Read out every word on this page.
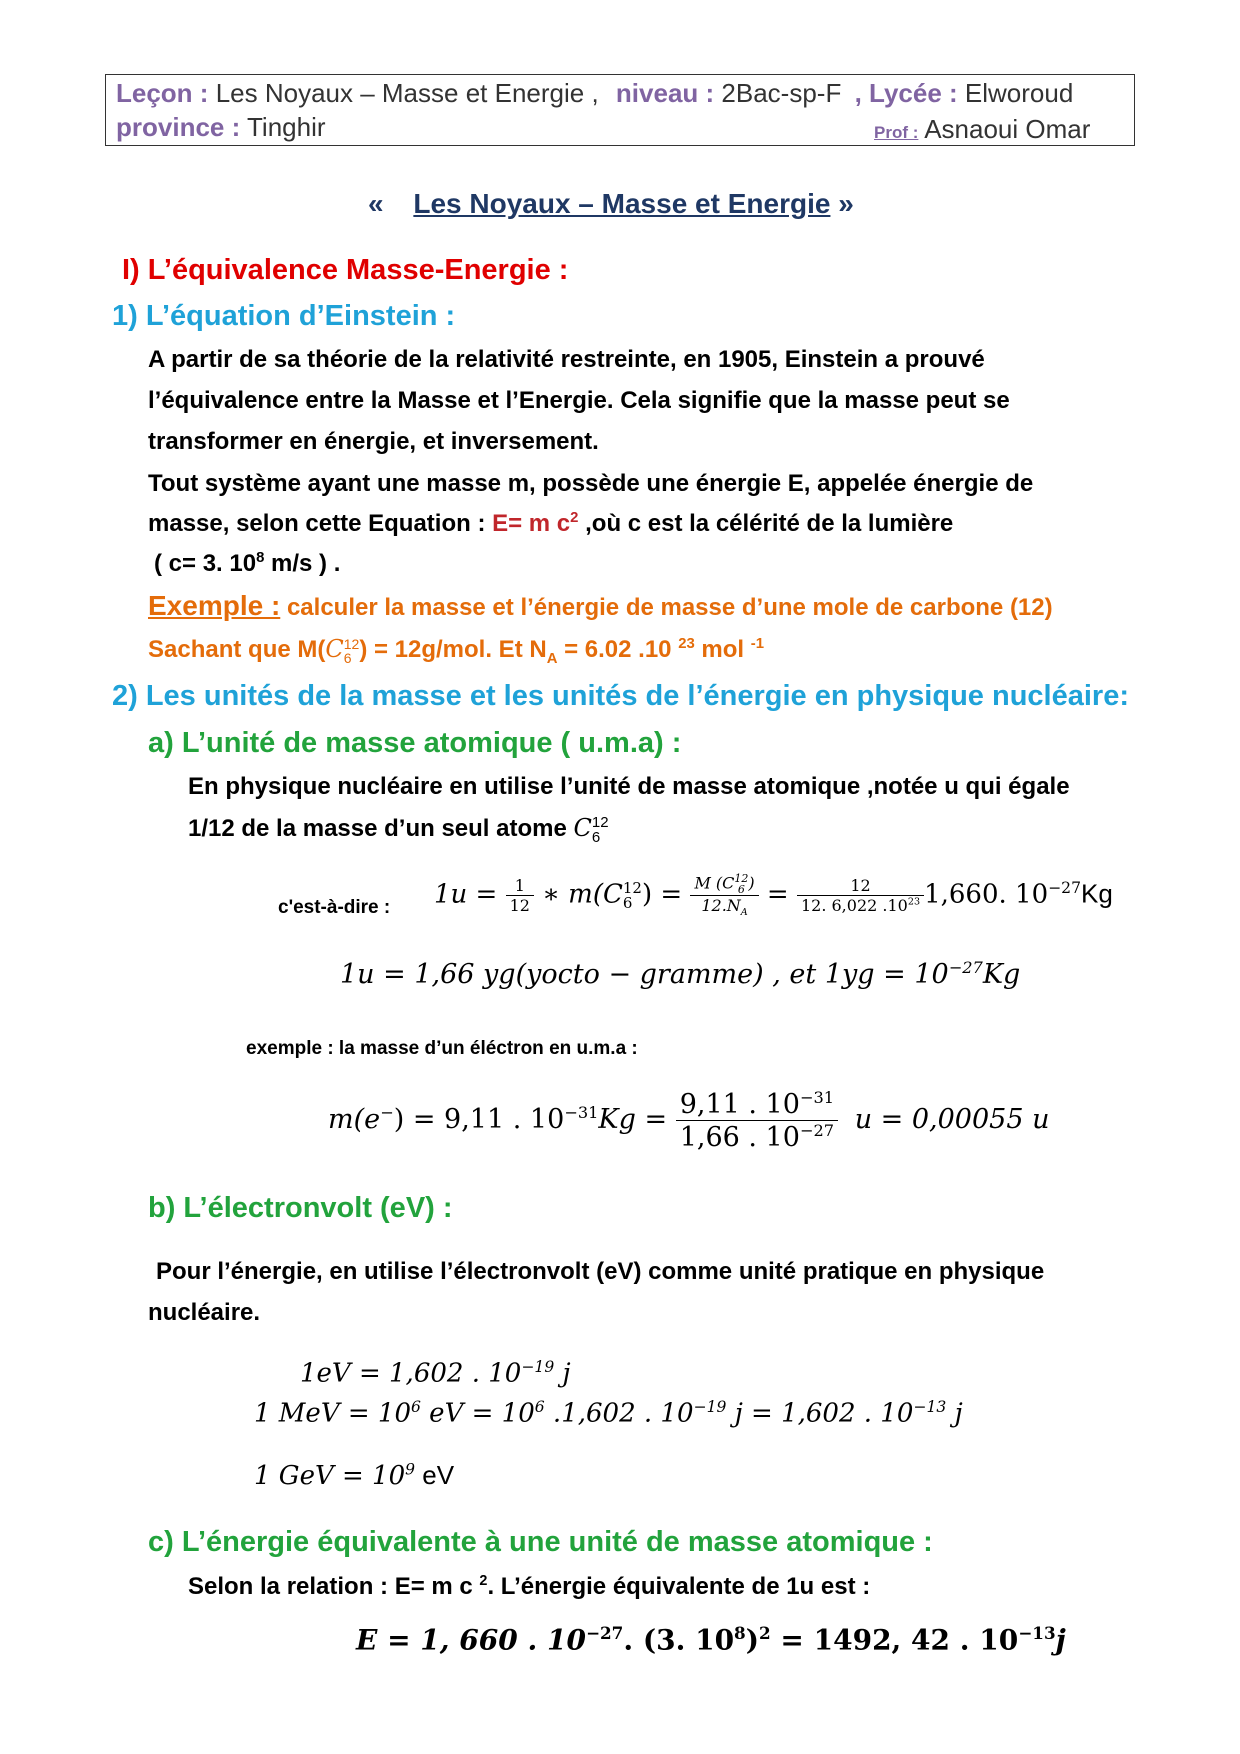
Leçon : Les Noyaux – Masse et Energie , niveau : 2Bac-sp-F , Lycée : Elworoud
province : Tinghir	Prof : Asnaoui Omar
« Les Noyaux – Masse et Energie »
I) L’équivalence Masse-Energie :
1) L’équation d’Einstein :
A partir de sa théorie de la relativité restreinte, en 1905, Einstein a prouvé
l’équivalence entre la Masse et l’Energie. Cela signifie que la masse peut se
transformer en énergie, et inversement.
Tout système ayant une masse m, possède une énergie E, appelée énergie de
masse, selon cette Equation : E= m $c^2$ ,où c est la célérité de la lumière
( c= 3. $10^8$ m/s ) .
Exemple : calculer la masse et l’énergie de masse d’une mole de carbone (12)
Sachant que M(C 12
6 ) = 12g/mol. Et $N_A = 6.02$ .10 $^{23}$ mol $^{-1}$
2) Les unités de la masse et les unités de l’énergie en physique nucléaire:
a) L’unité de masse atomique ( u.m.a) :
En physique nucléaire en utilise l’unité de masse atomique ,notée u qui égale
1/12 de la masse d’un seul atome C 12
6
c'est-à-dire : $1u = \frac{1}{12}$ ∗ m(C 12
6 ) = M (C 12
6 )
$12.N_A = \frac{12}{12. 6,022 .10^{23}} 1,660$. $10^{-27}Kg$
1u = 1,66 yg(yocto − gramme) , et $1yg = 10^{-27}Kg$
exemple : la masse d’un éléctron en u.m.a :
m(e−) = 9,11 . $10^{-31}Kg = \frac{9,11 . 10^{-31}}{1,66 . 10^{-27}}$ u = 0,00055 u
b) L’électronvolt (eV) :
Pour l’énergie, en utilise l’électronvolt (eV) comme unité pratique en physique
nucléaire.
1eV = 1,602 . $10^{-19}$ j
1 MeV = $10^6$ eV = $10^6$ .1,602 . $10^{-19}$ j = 1,602 . $10^{-13}$ j
1 GeV = $10^9$ eV
c) L’énergie équivalente à une unité de masse atomique :
Selon la relation : E= m c $^2$. L’énergie équivalente de 1u est :
E = 1, 660 . $10^{-27}$. (3. $10^8)^2 = 1492$, 42 . $10^{-13}j$
